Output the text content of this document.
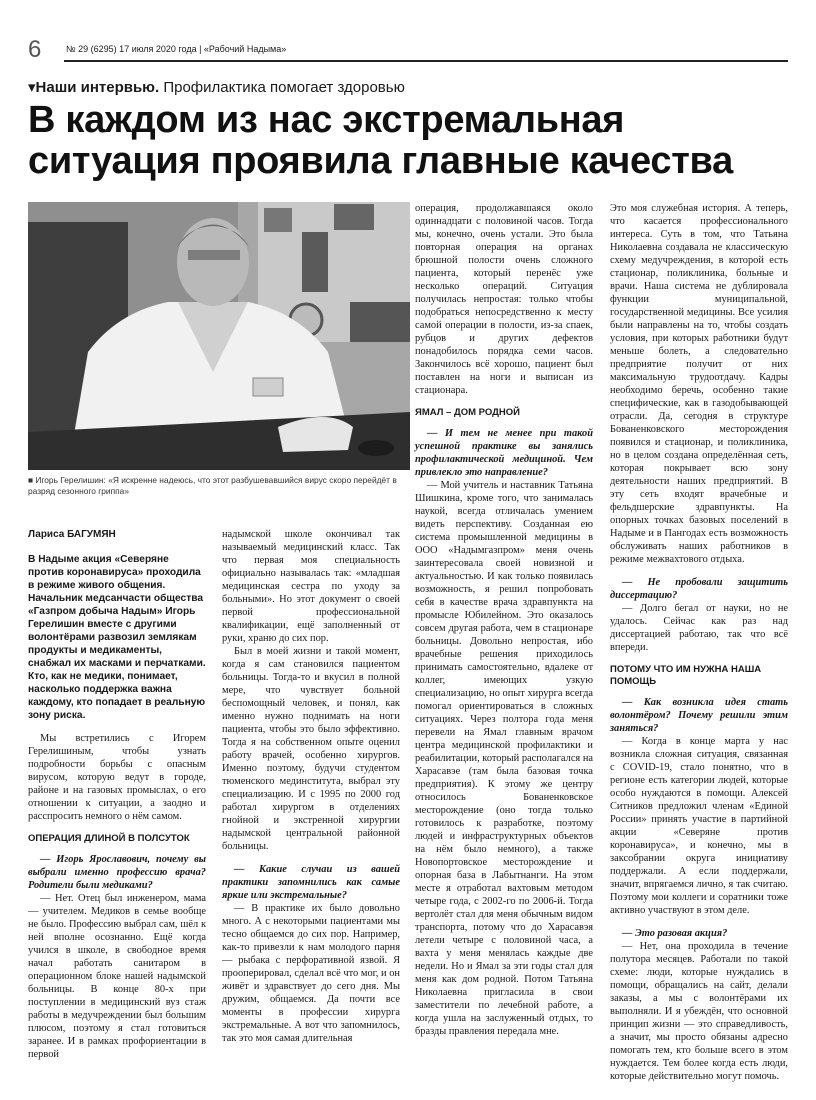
6	№ 29 (6295) 17 июля 2020 года | «Рабочий Надыма»
▾Наши интервью. Профилактика помогает здоровью
В каждом из нас экстремальная ситуация проявила главные качества
■ Игорь Герелишин: «Я искренне надеюсь, что этот разбушевавшийся вирус скоро перейдёт в разряд сезонного гриппа»
Лариса БАГУМЯН
В Надыме акция «Северяне против коронавируса» проходила в режиме живого общения. Начальник медсанчасти общества «Газпром добыча Надым» Игорь Герелишин вместе с другими волонтёрами развозил землякам продукты и медикаменты, снабжал их масками и перчатками. Кто, как не медики, понимает, насколько поддержка важна каждому, кто попадает в реальную зону риска.

Мы встретились с Игорем Герелишиным, чтобы узнать подробности борьбы с опасным вирусом, которую ведут в городе, районе и на газовых промыслах, о его отношении к ситуации, а заодно и расспросить немного о нём самом.

ОПЕРАЦИЯ ДЛИНОЙ В ПОЛСУТОК

— Игорь Ярославович, почему вы выбрали именно профессию врача? Родители были медиками?

— Нет. Отец был инженером, мама — учителем. Медиков в семье вообще не было. Профессию выбрал сам, шёл к ней вполне осознанно. Ещё когда учился в школе, в свободное время начал работать санитаром в операционном блоке нашей надымской больницы. В конце 80-х при поступлении в медицинский вуз стаж работы в медучреждении был большим плюсом, поэтому я стал готовиться заранее. И в рамках профориентации в первой

надымской школе окончивал так называемый медицинский класс. Так что первая моя специальность официально называлась так: «младшая медицинская сестра по уходу за больными». Но этот документ о своей первой профессиональной квалификации, ещё заполненный от руки, храню до сих пор.

Был в моей жизни и такой момент, когда я сам становился пациентом больницы. Тогда-то и вкусил в полной мере, что чувствует больной беспомощный человек, и понял, как именно нужно поднимать на ноги пациента, чтобы это было эффективно. Тогда я на собственном опыте оценил работу врачей, особенно хирургов. Именно поэтому, будучи студентом тюменского мединститута, выбрал эту специализацию. И с 1995 по 2000 год работал хирургом в отделениях гнойной и экстренной хирургии надымской центральной районной больницы.

— Какие случаи из вашей практики запомнились как самые яркие или экстремальные?

— В практике их было довольно много. А с некоторыми пациентами мы тесно общаемся до сих пор. Например, как-то привезли к нам молодого парня — рыбака с перфоративной язвой. Я прооперировал, сделал всё что мог, и он живёт и здравствует до сего дня. Мы дружим, общаемся. Да почти все моменты в профессии хирурга экстремальные. А вот что запомнилось, так это моя самая длительная

операция, продолжавшаяся около одиннадцати с половиной часов. Тогда мы, конечно, очень устали. Это была повторная операция на органах брюшной полости очень сложного пациента, который перенёс уже несколько операций. Ситуация получилась непростая: только чтобы подобраться непосредственно к месту самой операции в полости, из-за спаек, рубцов и других дефектов понадобилось порядка семи часов. Закончилось всё хорошо, пациент был поставлен на ноги и выписан из стационара.

ЯМАЛ – ДОМ РОДНОЙ

— И тем не менее при такой успешной практике вы занялись профилактической медициной. Чем привлекло это направление?

— Мой учитель и наставник Татьяна Шишкина, кроме того, что занималась наукой, всегда отличалась умением видеть перспективу. Созданная ею система промышленной медицины в ООО «Надымгазпром» меня очень заинтересовала своей новизной и актуальностью. И как только появилась возможность, я решил попробовать себя в качестве врача здравпункта на промысле Юбилейном. Это оказалось совсем другая работа, чем в стационаре больницы. Довольно непростая, ибо врачебные решения приходилось принимать самостоятельно, вдалеке от коллег, имеющих узкую специализацию, но опыт хирурга всегда помогал ориентироваться в сложных ситуациях. Через полтора года меня перевели на Ямал главным врачом центра медицинской профилактики и реабилитации, который располагался на Харасавэе (там была базовая точка предприятия). К этому же центру относилось Бованенковское месторождение (оно тогда только готовилось к разработке, поэтому людей и инфраструктурных объектов на нём было немного), а также Новопортовское месторождение и опорная база в Лабытнанги. На этом месте я отработал вахтовым методом четыре года, с 2002-го по 2006-й. Тогда вертолёт стал для меня обычным видом транспорта, потому что до Харасавэя летели четыре с половиной часа, а вахта у меня менялась каждые две недели. Но и Ямал за эти годы стал для меня как дом родной. Потом Татьяна Николаевна пригласила в свои заместители по лечебной работе, а когда ушла на заслуженный отдых, то бразды правления передала мне.

Это моя служебная история. А теперь, что касается профессионального интереса. Суть в том, что Татьяна Николаевна создавала не классическую схему медучреждения, в которой есть стационар, поликлиника, больные и врачи. Наша система не дублировала функции муниципальной, государственной медицины. Все усилия были направлены на то, чтобы создать условия, при которых работники будут меньше болеть, а следовательно предприятие получит от них максимальную трудоотдачу. Кадры необходимо беречь, особенно такие специфические, как в газодобывающей отрасли. Да, сегодня в структуре Бованенковского месторождения появился и стационар, и поликлиника, но в целом создана определённая сеть, которая покрывает всю зону деятельности наших предприятий. В эту сеть входят врачебные и фельдшерские здравпункты. На опорных точках базовых поселений в Надыме и в Пангодах есть возможность обслуживать наших работников в режиме межвахтового отдыха.

— Не пробовали защитить диссертацию?

— Долго бегал от науки, но не удалось. Сейчас как раз над диссертацией работаю, так что всё впереди.

ПОТОМУ ЧТО ИМ НУЖНА НАША ПОМОЩЬ

— Как возникла идея стать волонтёром? Почему решили этим заняться?

— Когда в конце марта у нас возникла сложная ситуация, связанная с COVID-19, стало понятно, что в регионе есть категории людей, которые особо нуждаются в помощи. Алексей Ситников предложил членам «Единой России» принять участие в партийной акции «Северяне против коронавируса», и конечно, мы в заксобрании округа инициативу поддержали. А если поддержали, значит, впрягаемся лично, я так считаю. Поэтому мои коллеги и соратники тоже активно участвуют в этом деле.

— Это разовая акция?

— Нет, она проходила в течение полутора месяцев. Работали по такой схеме: люди, которые нуждались в помощи, обращались на сайт, делали заказы, а мы с волонтёрами их выполняли. И я убеждён, что основной принцип жизни — это справедливость, а значит, мы просто обязаны адресно помогать тем, кто больше всего в этом нуждается. Тем более когда есть люди, которые действительно могут помочь.
